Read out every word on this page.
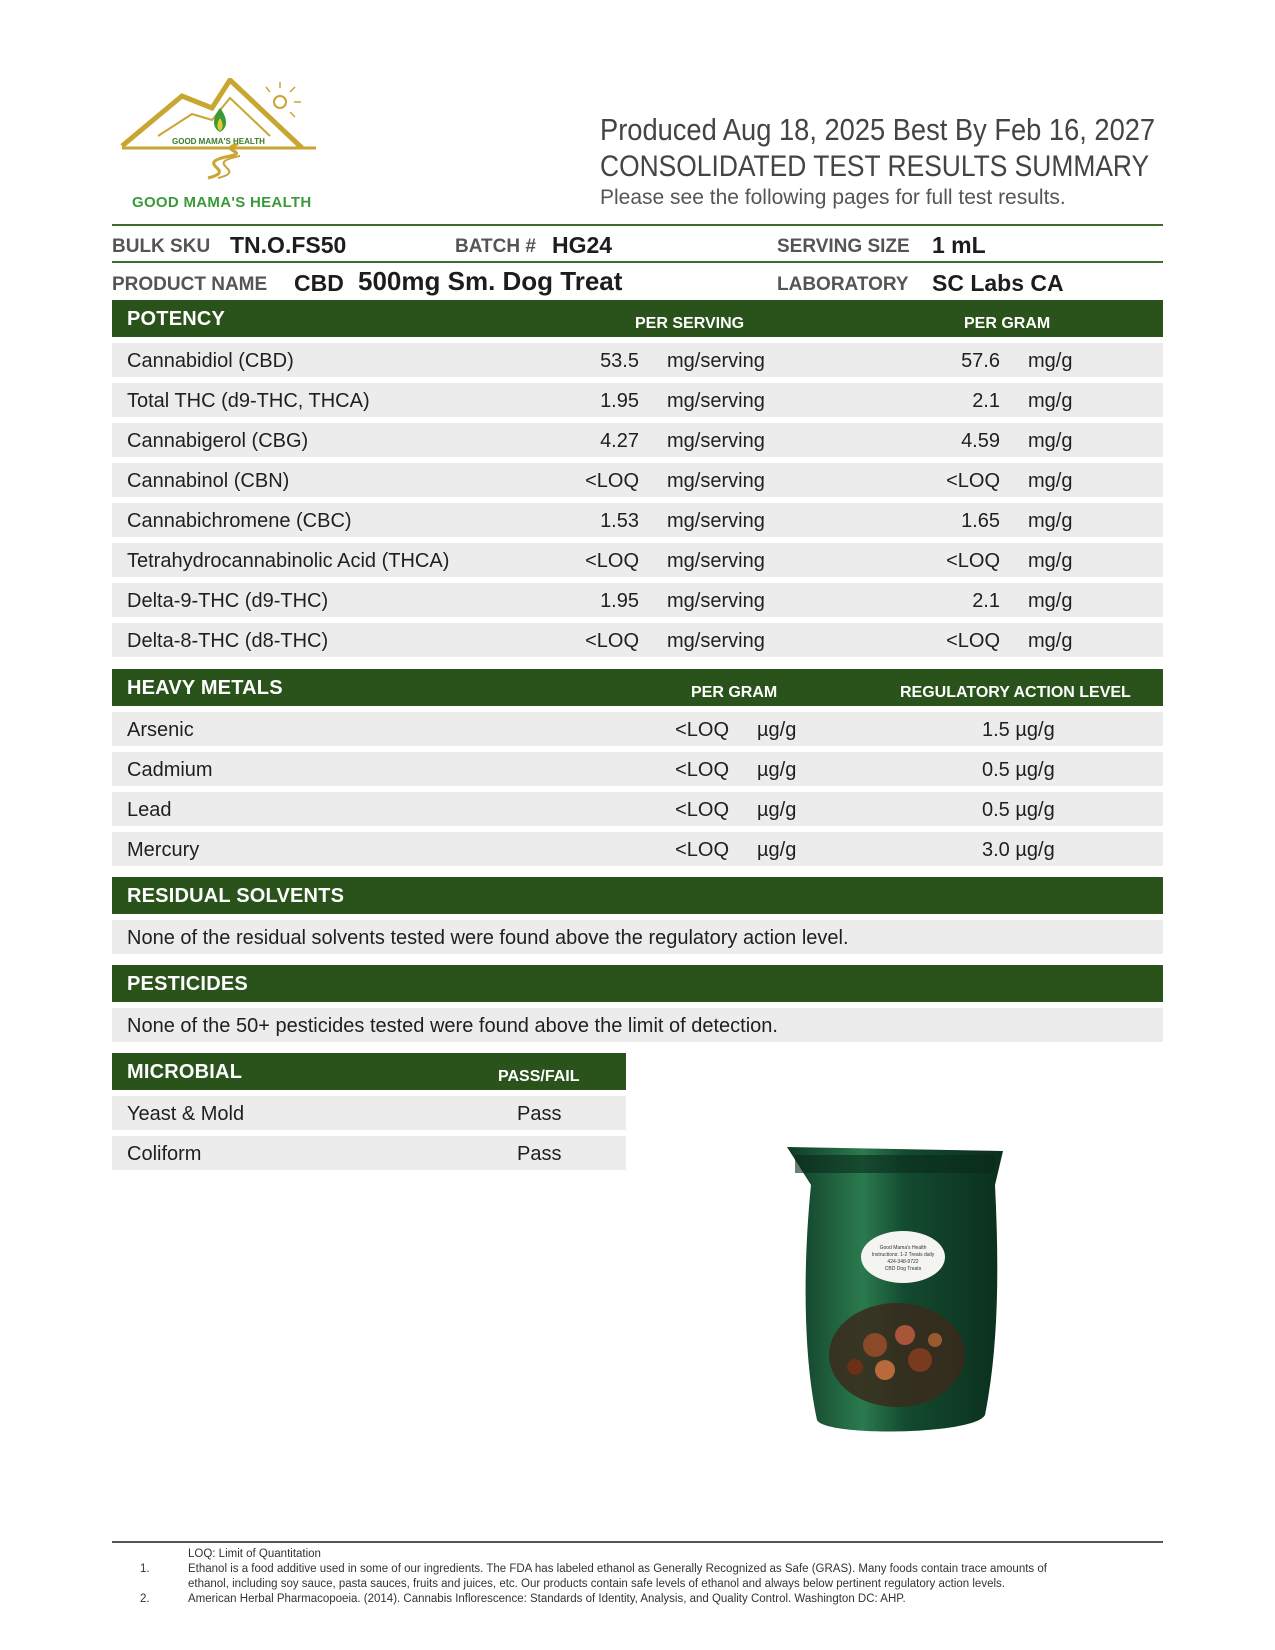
GOOD MAMA'S HEALTH
GOOD MAMA'S HEALTH
Produced Aug 18, 2025 Best By Feb 16, 2027
CONSOLIDATED TEST RESULTS SUMMARY
Please see the following pages for full test results.
BULK SKU TN.O.FS50	BATCH # HG24	SERVING SIZE 1 mL
PRODUCT NAME CBD 500mg Sm. Dog Treat	LABORATORY SC Labs CA
POTENCY	PER SERVING	PER GRAM
Cannabidiol (CBD)	53.5 mg/serving	57.6 mg/g
Total THC (d9-THC, THCA)	1.95 mg/serving	2.1 mg/g
Cannabigerol (CBG)	4.27 mg/serving	4.59 mg/g
Cannabinol (CBN)	<LOQ mg/serving	<LOQ mg/g
Cannabichromene (CBC)	1.53 mg/serving	1.65 mg/g
Tetrahydrocannabinolic Acid (THCA)	<LOQ mg/serving	<LOQ mg/g
Delta-9-THC (d9-THC)	1.95 mg/serving	2.1 mg/g
Delta-8-THC (d8-THC)	<LOQ mg/serving	<LOQ mg/g
HEAVY METALS	PER GRAM	REGULATORY ACTION LEVEL
Arsenic	<LOQ µg/g	1.5 µg/g
Cadmium	<LOQ µg/g	0.5 µg/g
Lead	<LOQ µg/g	0.5 µg/g
Mercury	<LOQ µg/g	3.0 µg/g
RESIDUAL SOLVENTS
None of the residual solvents tested were found above the regulatory action level.
PESTICIDES
None of the 50+ pesticides tested were found above the limit of detection.
MICROBIAL	PASS/FAIL
Yeast & Mold	Pass
Coliform	Pass
Good Mama's Health
Instructions: 1-2 Treats daily
424-348-9722
CBD Dog Treats
LOQ: Limit of Quantitation
1.	Ethanol is a food additive used in some of our ingredients. The FDA has labeled ethanol as Generally Recognized as Safe (GRAS). Many foods contain trace amounts of
ethanol, including soy sauce, pasta sauces, fruits and juices, etc. Our products contain safe levels of ethanol and always below pertinent regulatory action levels.
2.	American Herbal Pharmacopoeia. (2014). Cannabis Inflorescence: Standards of Identity, Analysis, and Quality Control. Washington DC: AHP.
